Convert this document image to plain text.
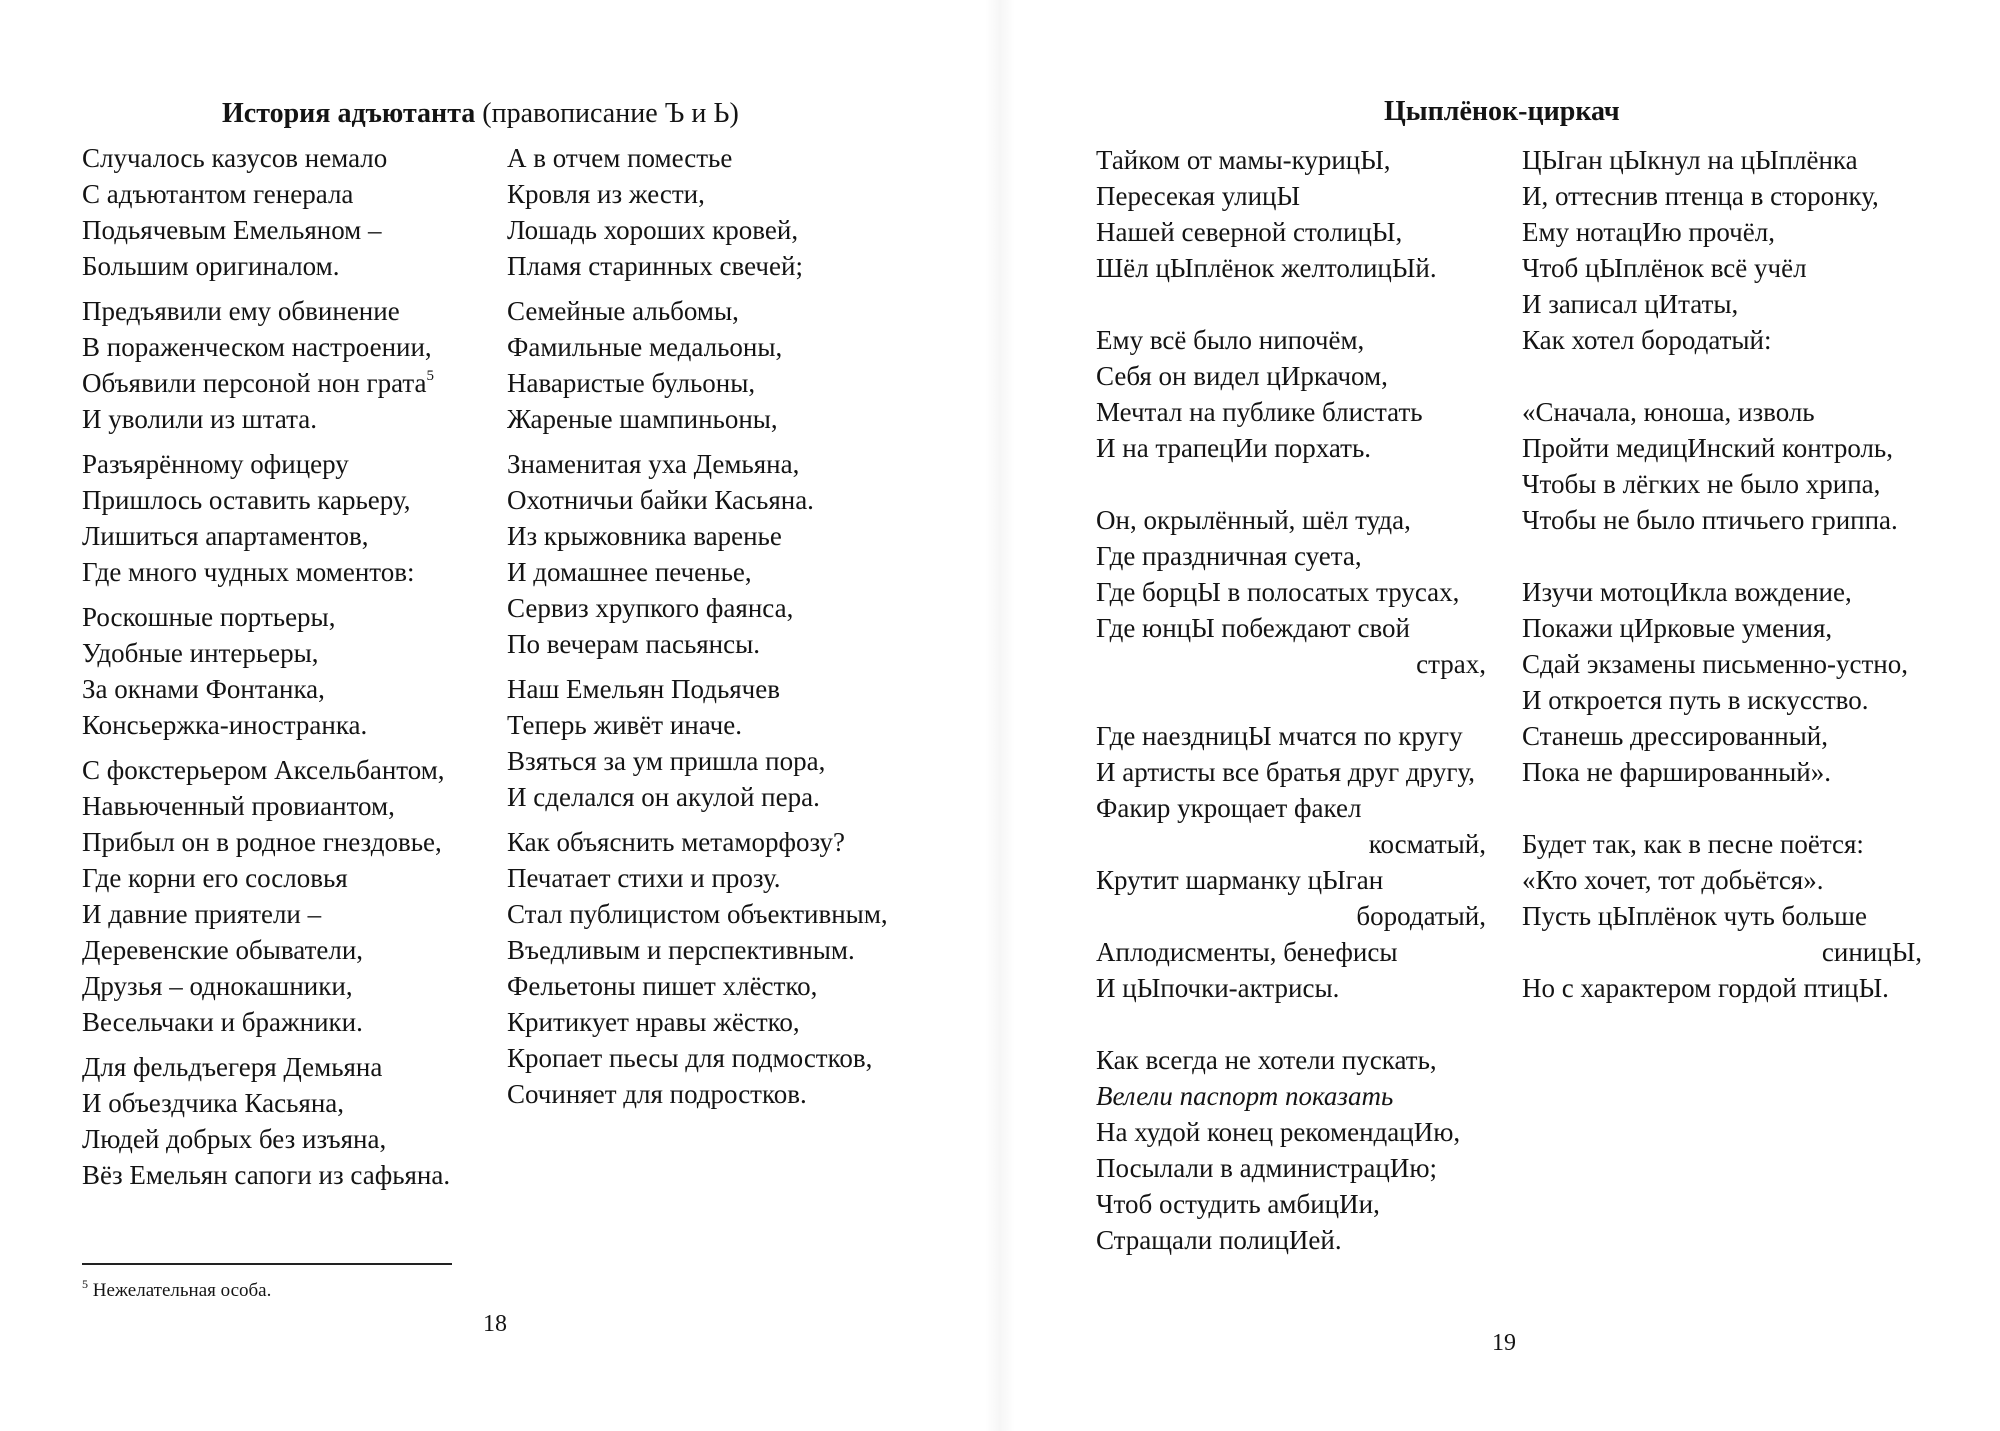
История адъютанта (правописание Ъ и Ь)
Случалось казусов немало
С адъютантом генерала
Подьячевым Емельяном –
Большим оригиналом.
Предъявили ему обвинение
В пораженческом настроении,
Объявили персоной нон грата$^5$
И уволили из штата.
Разъярённому офицеру
Пришлось оставить карьеру,
Лишиться апартаментов,
Где много чудных моментов:
Роскошные портьеры,
Удобные интерьеры,
За окнами Фонтанка,
Консьержка-иностранка.
С фокстерьером Аксельбантом,
Навьюченный провиантом,
Прибыл он в родное гнездовье,
Где корни его сословья
И давние приятели –
Деревенские обыватели,
Друзья – однокашники,
Весельчаки и бражники.
Для фельдъегеря Демьяна
И объездчика Касьяна,
Людей добрых без изъяна,
Вёз Емельян сапоги из сафьяна.
А в отчем поместье
Кровля из жести,
Лошадь хороших кровей,
Пламя старинных свечей;
Семейные альбомы,
Фамильные медальоны,
Наваристые бульоны,
Жареные шампиньоны,
Знаменитая уха Демьяна,
Охотничьи байки Касьяна.
Из крыжовника варенье
И домашнее печенье,
Сервиз хрупкого фаянса,
По вечерам пасьянсы.
Наш Емельян Подьячев
Теперь живёт иначе.
Взяться за ум пришла пора,
И сделался он акулой пера.
Как объяснить метаморфозу?
Печатает стихи и прозу.
Стал публицистом объективным,
Въедливым и перспективным.
Фельетоны пишет хлёстко,
Критикует нравы жёстко,
Кропает пьесы для подмостков,
Сочиняет для подростков.
$^5$ Нежелательная особа.
18
Цыплёнок-циркач
Тайком от мамы-курицЫ,
Пересекая улицЫ
Нашей северной столицЫ,
Шёл цЫплёнок желтолицЫй.
Ему всё было нипочём,
Себя он видел цИркачом,
Мечтал на публике блистать
И на трапецИи порхать.
Он, окрылённый, шёл туда,
Где праздничная суета,
Где борцЫ в полосатых трусах,
Где юнцЫ побеждают свой
страх,
Где наездницЫ мчатся по кругу
И артисты все братья друг другу,
Факир укрощает факел
косматый,
Крутит шарманку цЫган
бородатый,
Аплодисменты, бенефисы
И цЫпочки-актрисы.
Как всегда не хотели пускать,
Велели паспорт показать
На худой конец рекомендацИю,
Посылали в администрацИю;
Чтоб остудить амбицИи,
Стращали полицИей.
ЦЫган цЫкнул на цЫплёнка
И, оттеснив птенца в сторонку,
Ему нотацИю прочёл,
Чтоб цЫплёнок всё учёл
И записал цИтаты,
Как хотел бородатый:
«Сначала, юноша, изволь
Пройти медицИнский контроль,
Чтобы в лёгких не было хрипа,
Чтобы не было птичьего гриппа.
Изучи мотоцИкла вождение,
Покажи цИрковые умения,
Сдай экзамены письменно-устно,
И откроется путь в искусство.
Станешь дрессированный,
Пока не фаршированный».
Будет так, как в песне поётся:
«Кто хочет, тот добьётся».
Пусть цЫплёнок чуть больше
синицЫ,
Но с характером гордой птицЫ.
19
